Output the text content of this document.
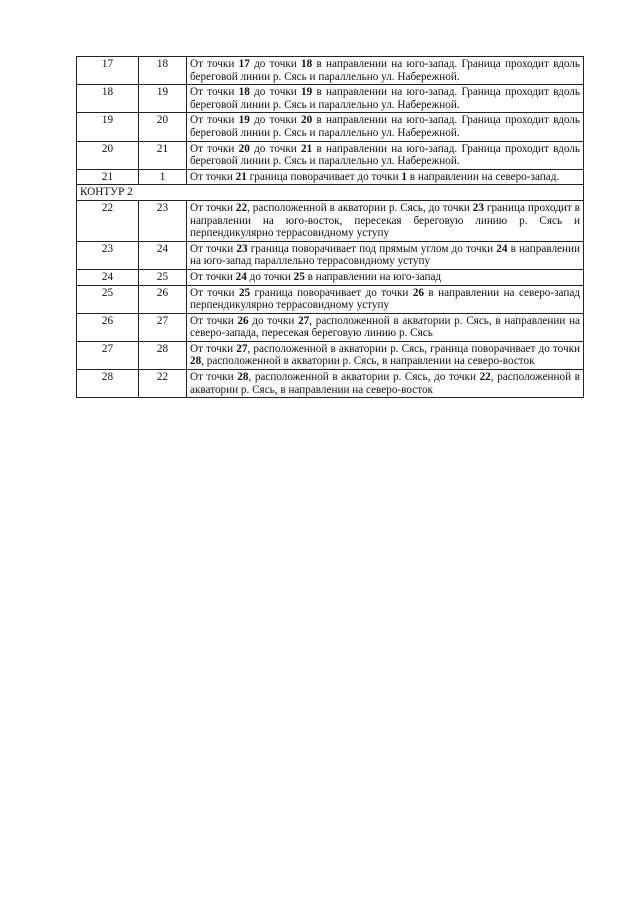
17	18	От точки 17 до точки 18 в направлении на юго-запад. Граница проходит вдоль береговой линии р. Сясь и параллельно ул. Набережной.
18	19	От точки 18 до точки 19 в направлении на юго-запад. Граница проходит вдоль береговой линии р. Сясь и параллельно ул. Набережной.
19	20	От точки 19 до точки 20 в направлении на юго-запад. Граница проходит вдоль береговой линии р. Сясь и параллельно ул. Набережной.
20	21	От точки 20 до точки 21 в направлении на юго-запад. Граница проходит вдоль береговой линии р. Сясь и параллельно ул. Набережной.
21	1	От точки 21 граница поворачивает до точки 1 в направлении на северо-запад.
КОНТУР 2		
22	23	От точки 22, расположенной в акватории р. Сясь, до точки 23 граница проходит в направлении на юго-восток, пересекая береговую линию р. Сясь и перпендикулярно террасовидному уступу
23	24	От точки 23 граница поворачивает под прямым углом до точки 24 в направлении на юго-запад параллельно террасовидному уступу
24	25	От точки 24 до точки 25 в направлении на юго-запад
25	26	От точки 25 граница поворачивает до точки 26 в направлении на северо-запад перпендикулярно террасовидному уступу
26	27	От точки 26 до точки 27, расположенной в акватории р. Сясь, в направлении на северо-запада, пересекая береговую линию р. Сясь
27	28	От точки 27, расположенной в акватории р. Сясь, граница поворачивает до точки 28, расположенной в акватории р. Сясь, в направлении на северо-восток
28	22	От точки 28, расположенной в акватории р. Сясь, до точки 22, расположенной в акватории р. Сясь, в направлении на северо-восток
